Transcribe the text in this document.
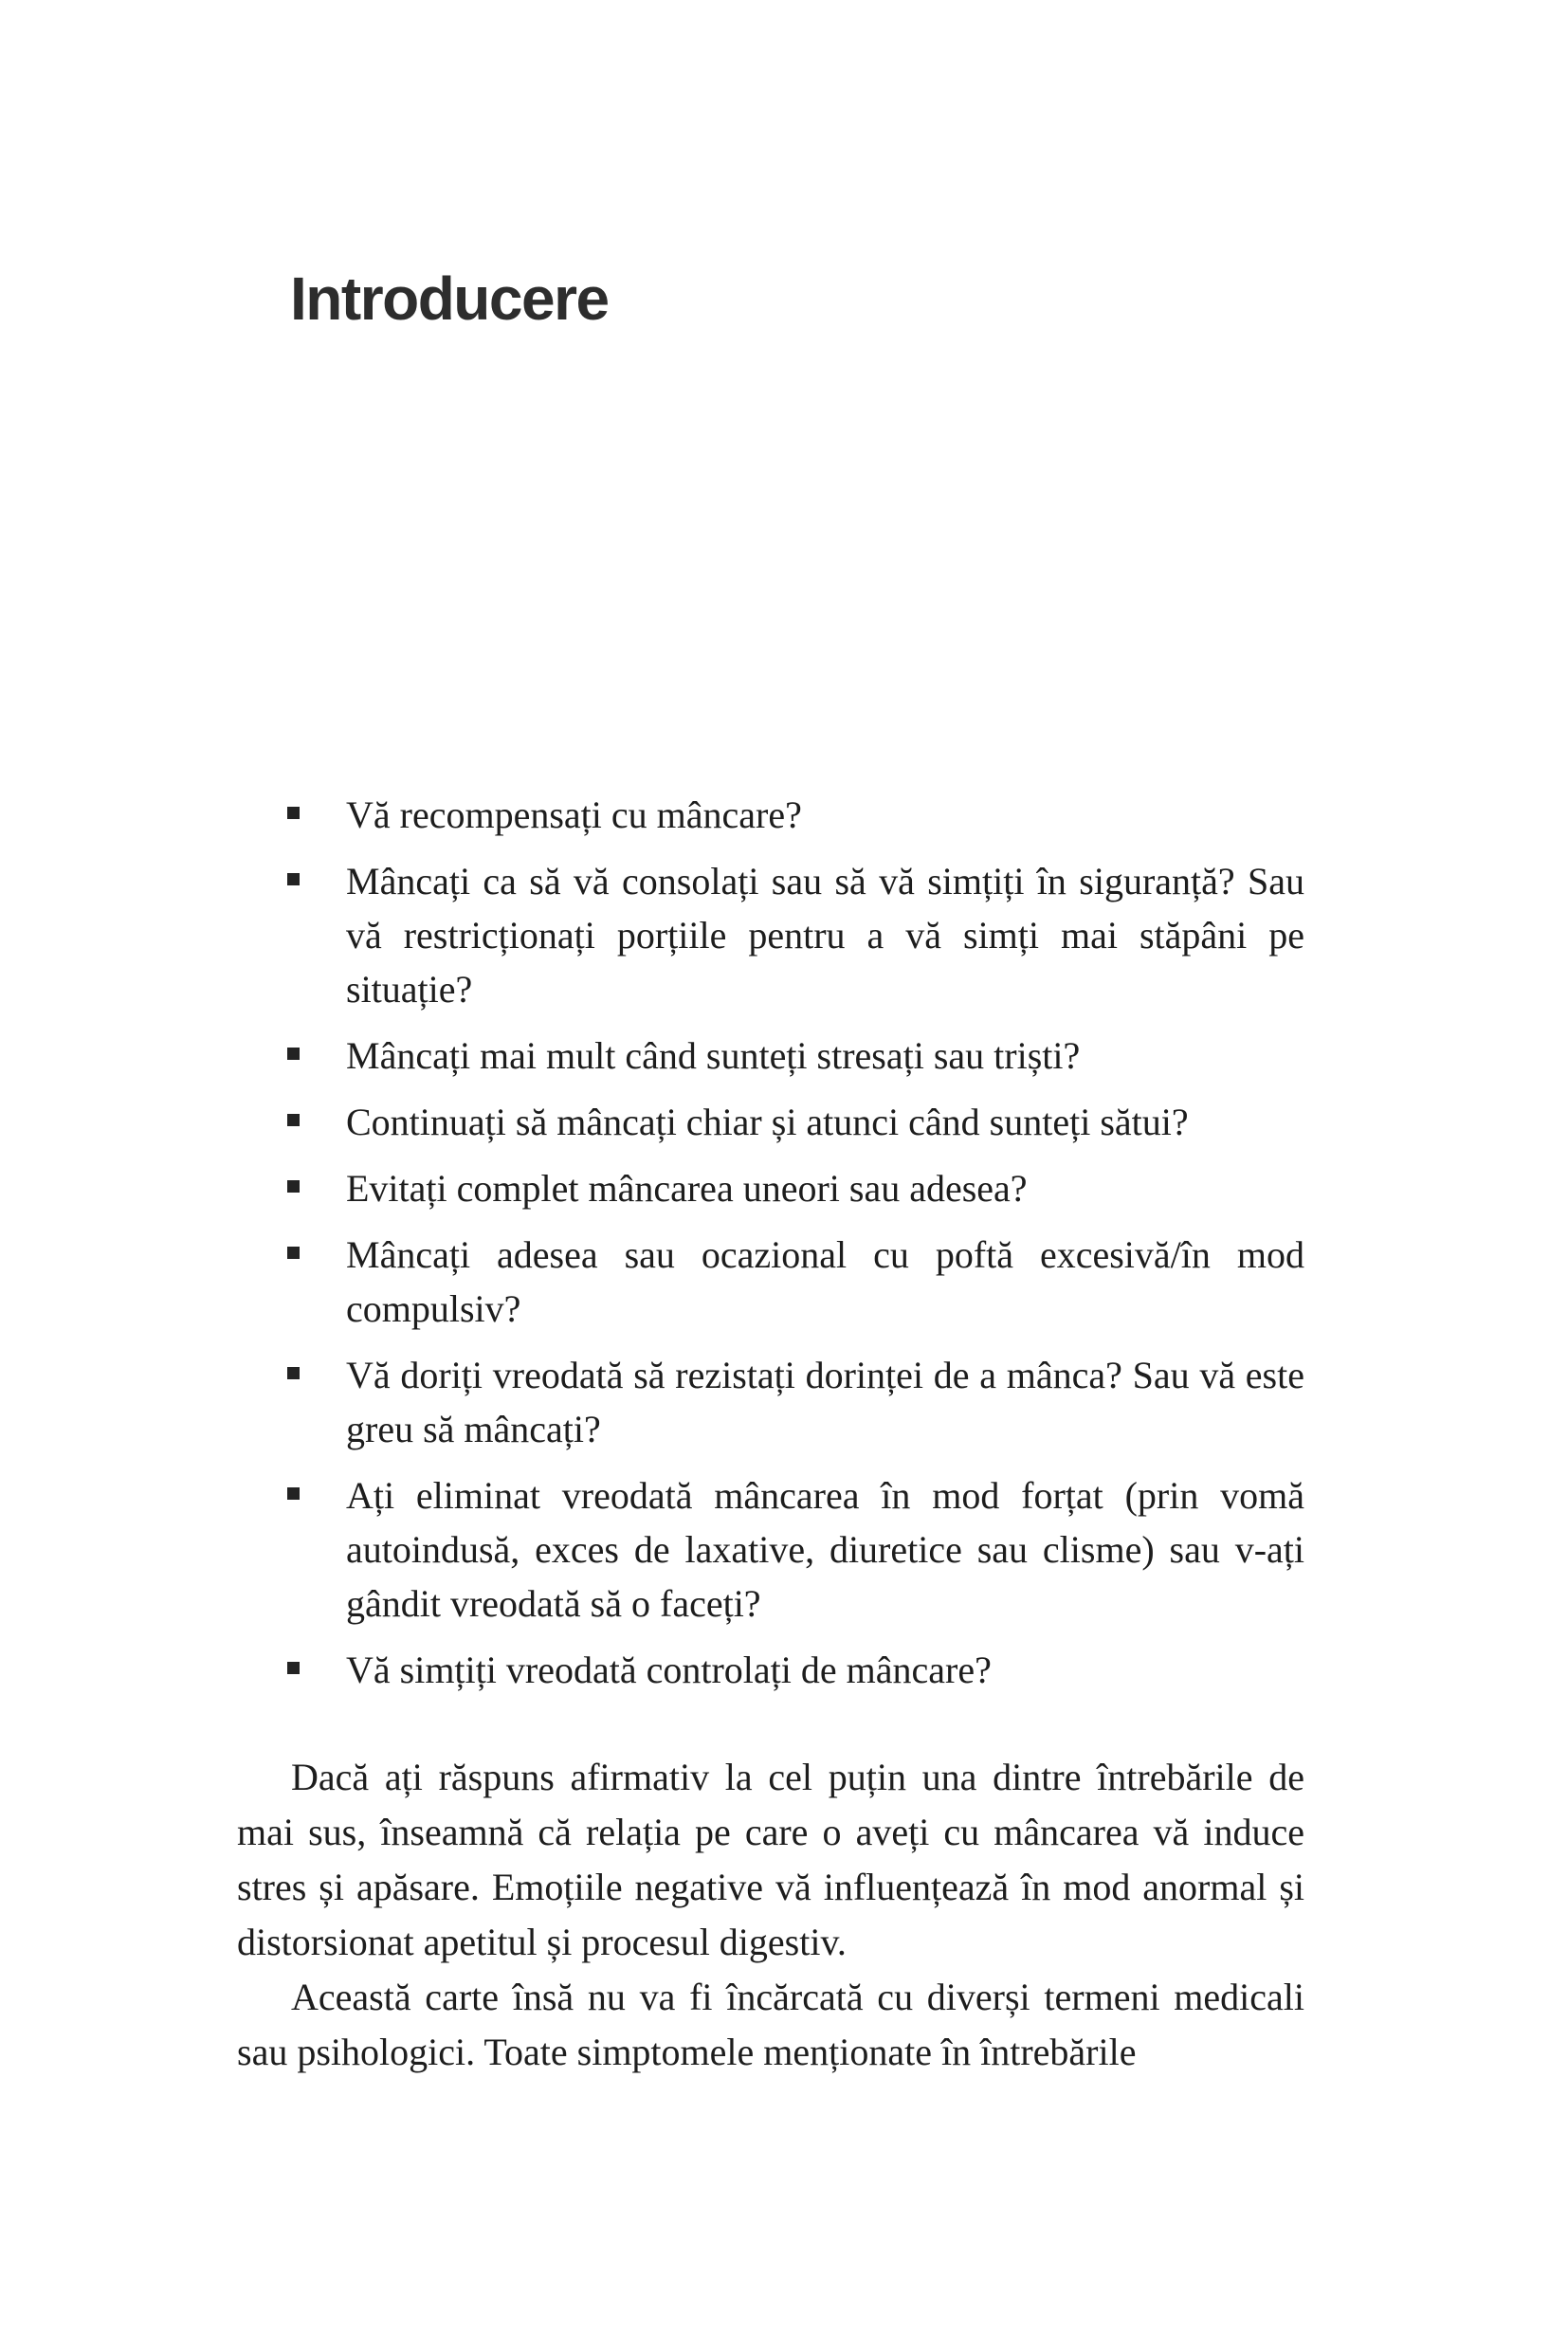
Introducere
Vă recompensați cu mâncare?
Mâncați ca să vă consolați sau să vă simțiți în siguranță? Sau vă restricționați porțiile pentru a vă simți mai stăpâni pe situație?
Mâncați mai mult când sunteți stresați sau triști?
Continuați să mâncați chiar și atunci când sunteți sătui?
Evitați complet mâncarea uneori sau adesea?
Mâncați adesea sau ocazional cu poftă excesivă/în mod compulsiv?
Vă doriți vreodată să rezistați dorinței de a mânca? Sau vă este greu să mâncați?
Ați eliminat vreodată mâncarea în mod forțat (prin vomă autoindusă, exces de laxative, diuretice sau clisme) sau v-ați gândit vreodată să o faceți?
Vă simțiți vreodată controlați de mâncare?

Dacă ați răspuns afirmativ la cel puțin una dintre întrebările de mai sus, înseamnă că relația pe care o aveți cu mâncarea vă induce stres și apăsare. Emoțiile negative vă influențează în mod anormal și distorsionat apetitul și procesul digestiv.

Această carte însă nu va fi încărcată cu diverși termeni medicali sau psihologici. Toate simptomele menționate în întrebările
